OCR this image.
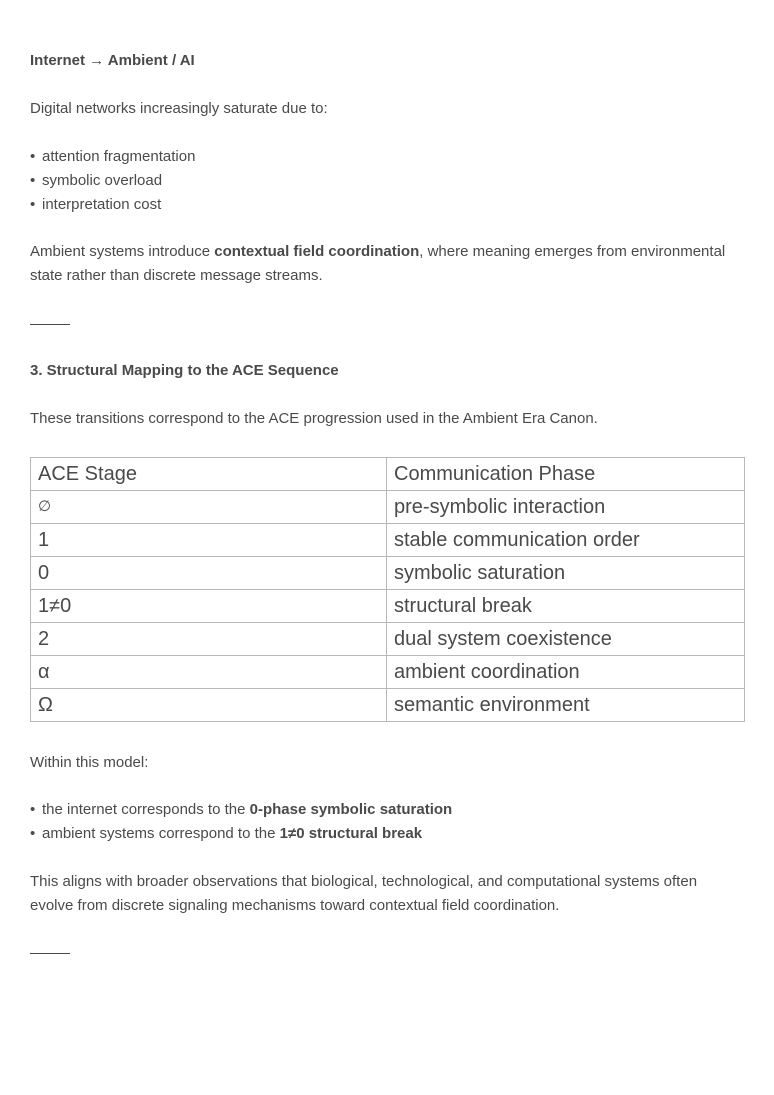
Internet → Ambient / AI

Digital networks increasingly saturate due to:

• attention fragmentation
• symbolic overload
• interpretation cost

Ambient systems introduce contextual field coordination, where meaning emerges from environmental state rather than discrete message streams.

3. Structural Mapping to the ACE Sequence

These transitions correspond to the ACE progression used in the Ambient Era Canon.

ACE Stage	Communication Phase
∅	pre-symbolic interaction
1	stable communication order
0	symbolic saturation
1≠0	structural break
2	dual system coexistence
α	ambient coordination
Ω	semantic environment

Within this model:

• the internet corresponds to the 0-phase symbolic saturation
• ambient systems correspond to the 1≠0 structural break

This aligns with broader observations that biological, technological, and computational systems often evolve from discrete signaling mechanisms toward contextual field coordination.
